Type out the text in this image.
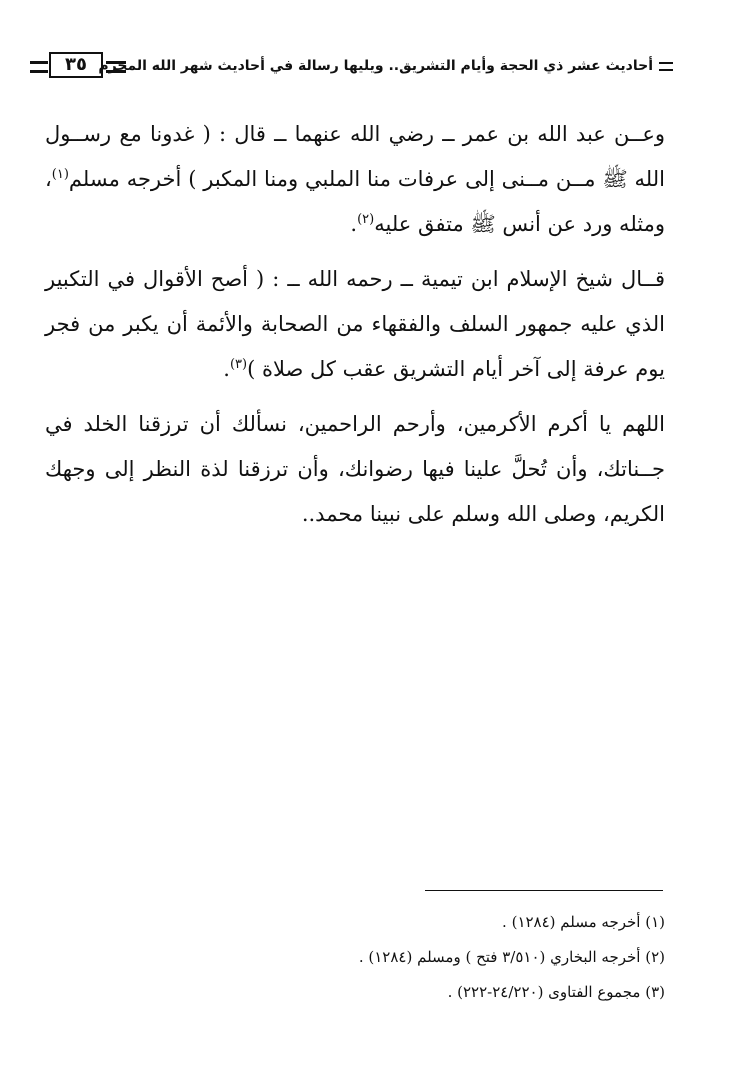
أحاديث عشر ذي الحجة وأيام التشريق.. ويليها رسالة في أحاديث شهر الله المحرم
٣٥

وعــن عبد الله بن عمر ــ رضي الله عنهما ــ قال : ( غدونا مع رســول الله ﷺ مــن مــنى إلى عرفات منا الملبي ومنا المكبر ) أخرجه مسلم$^{(١)}$، ومثله ورد عن أنس ﷺ متفق عليه$^{(٢)}$.

قــال شيخ الإسلام ابن تيمية ــ رحمه الله ــ : ( أصح الأقوال في التكبير الذي عليه جمهور السلف والفقهاء من الصحابة والأئمة أن يكبر من فجر يوم عرفة إلى آخر أيام التشريق عقب كل صلاة )$^{(٣)}$.

اللهم يا أكرم الأكرمين، وأرحم الراحمين، نسألك أن ترزقنا الخلد في جــناتك، وأن تُحلَّ علينا فيها رضوانك، وأن ترزقنا لذة النظر إلى وجهك الكريم، وصلى الله وسلم على نبينا محمد..

(١) أخرجه مسلم (١٢٨٤) .
(٢) أخرجه البخاري (٣/٥١٠ فتح ) ومسلم (١٢٨٤) .
(٣) مجموع الفتاوى (٢٤/٢٢٠-٢٢٢) .
